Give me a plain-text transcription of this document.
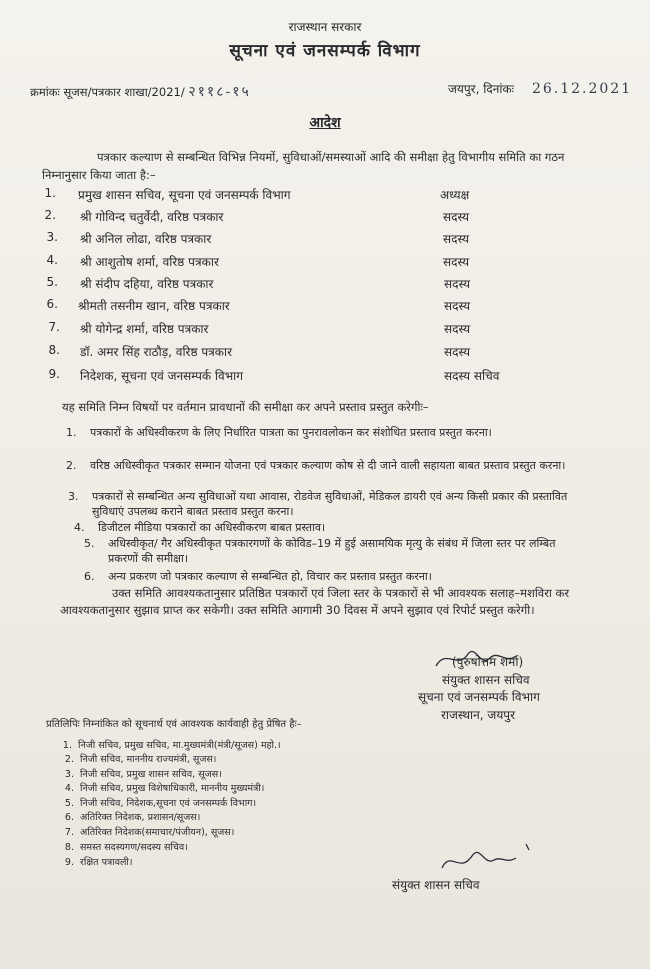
राजस्थान सरकार
सूचना एवं जनसम्पर्क विभाग
क्रमांकः सूजस/पत्रकार शाखा/2021/ २११८-१५	जयपुर, दिनांकः 26.12.2021
आदेश
पत्रकार कल्याण से सम्बन्धित विभिन्न नियमों, सुविधाओं/समस्याओं आदि की समीक्षा हेतु विभागीय समिति का गठन निम्नानुसार किया जाता है:–
1. प्रमुख शासन सचिव, सूचना एवं जनसम्पर्क विभाग	अध्यक्ष
2. श्री गोविन्द चतुर्वेदी, वरिष्ठ पत्रकार	सदस्य
3. श्री अनिल लोढा, वरिष्ठ पत्रकार	सदस्य
4. श्री आशुतोष शर्मा, वरिष्ठ पत्रकार	सदस्य
5. श्री संदीप दहिया, वरिष्ठ पत्रकार	सदस्य
6. श्रीमती तसनीम खान, वरिष्ठ पत्रकार	सदस्य
7. श्री योगेन्द्र शर्मा, वरिष्ठ पत्रकार	सदस्य
8. डॉ. अमर सिंह राठौड़, वरिष्ठ पत्रकार	सदस्य
9. निदेशक, सूचना एवं जनसम्पर्क विभाग	सदस्य सचिव
यह समिति निम्न विषयों पर वर्तमान प्रावधानों की समीक्षा कर अपने प्रस्ताव प्रस्तुत करेगीः–
1. पत्रकारों के अधिस्वीकरण के लिए निर्धारित पात्रता का पुनरावलोकन कर संशोधित प्रस्ताव प्रस्तुत करना।
2. वरिष्ठ अधिस्वीकृत पत्रकार सम्मान योजना एवं पत्रकार कल्याण कोष से दी जाने वाली सहायता बाबत प्रस्ताव प्रस्तुत करना।
3. पत्रकारों से सम्बन्धित अन्य सुविधाओं यथा आवास, रोडवेज सुविधाओं, मेडिकल डायरी एवं अन्य किसी प्रकार की प्रस्तावित सुविधाएं उपलब्ध कराने बाबत प्रस्ताव प्रस्तुत करना।
4. डिजीटल मीडिया पत्रकारों का अधिस्वीकरण बाबत प्रस्ताव।
5. अधिस्वीकृत/ गैर अधिस्वीकृत पत्रकारगणों के कोविड–19 में हुई असामयिक मृत्यु के संबंध में जिला स्तर पर लम्बित प्रकरणों की समीक्षा।
6. अन्य प्रकरण जो पत्रकार कल्याण से सम्बन्धित हो, विचार कर प्रस्ताव प्रस्तुत करना।
उक्त समिति आवश्यकतानुसार प्रतिष्ठित पत्रकारों एवं जिला स्तर के पत्रकारों से भी आवश्यक सलाह–मशविरा कर आवश्यकतानुसार सुझाव प्राप्त कर सकेगी। उक्त समिति आगामी 30 दिवस में अपने सुझाव एवं रिपोर्ट प्रस्तुत करेगी।
(पुरुषोत्तम शर्मा)
संयुक्त शासन सचिव
सूचना एवं जनसम्पर्क विभाग
राजस्थान, जयपुर
प्रतिलिपिः निम्नांकित को सूचनार्थ एवं आवश्यक कार्यवाही हेतु प्रेषित हैः–
1. निजी सचिव, प्रमुख सचिव, मा.मुख्यमंत्री(मंत्री/सूजस) महो.।
2. निजी सचिव, माननीय राज्यमंत्री, सूजस।
3. निजी सचिव, प्रमुख शासन सचिव, सूजस।
4. निजी सचिव, प्रमुख विशेषाधिकारी, माननीय मुख्यमंत्री।
5. निजी सचिव, निदेशक,सूचना एवं जनसम्पर्क विभाग।
6. अतिरिक्त निदेशक, प्रशासन/सूजस।
7. अतिरिक्त निदेशक(समाचार/पंजीयन), सूजस।
8. समस्त सदस्यगण/सदस्य सचिव।
9. रक्षित पत्रावली।
संयुक्त शासन सचिव
